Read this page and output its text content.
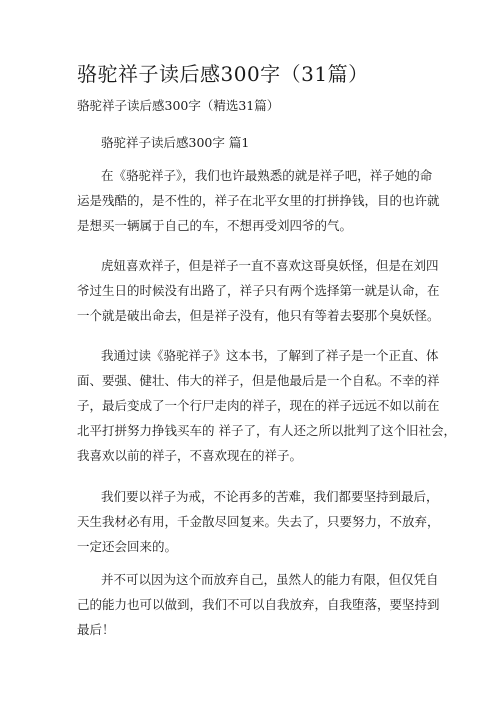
骆驼祥子读后感300字（31篇）

骆驼祥子读后感300字（精选31篇）

骆驼祥子读后感300字 篇1

在《骆驼祥子》，我们也许最熟悉的就是祥子吧，祥子她的命
运是残酷的，是不性的，祥子在北平女里的打拼挣钱，目的也许就
是想买一辆属于自己的车，不想再受刘四爷的气。
虎妞喜欢祥子，但是祥子一直不喜欢这哥臭妖怪，但是在刘四
爷过生日的时候没有出路了，祥子只有两个选择第一就是认命，在
一个就是破出命去，但是祥子没有，他只有等着去娶那个臭妖怪。
我通过读《骆驼祥子》这本书，了解到了祥子是一个正直、体
面、要强、健壮、伟大的祥子，但是他最后是一个自私。不幸的祥
子，最后变成了一个行尸走肉的祥子，现在的祥子远远不如以前在
北平打拼努力挣钱买车的 祥子了，有人还之所以批判了这个旧社会，
我喜欢以前的祥子，不喜欢现在的祥子。
我们要以祥子为戒，不论再多的苦难，我们都要坚持到最后，
天生我材必有用，千金散尽回复来。失去了，只要努力，不放弃，
一定还会回来的。
并不可以因为这个而放弃自己，虽然人的能力有限，但仅凭自
己的能力也可以做到，我们不可以自我放弃，自我堕落，要坚持到
最后！
